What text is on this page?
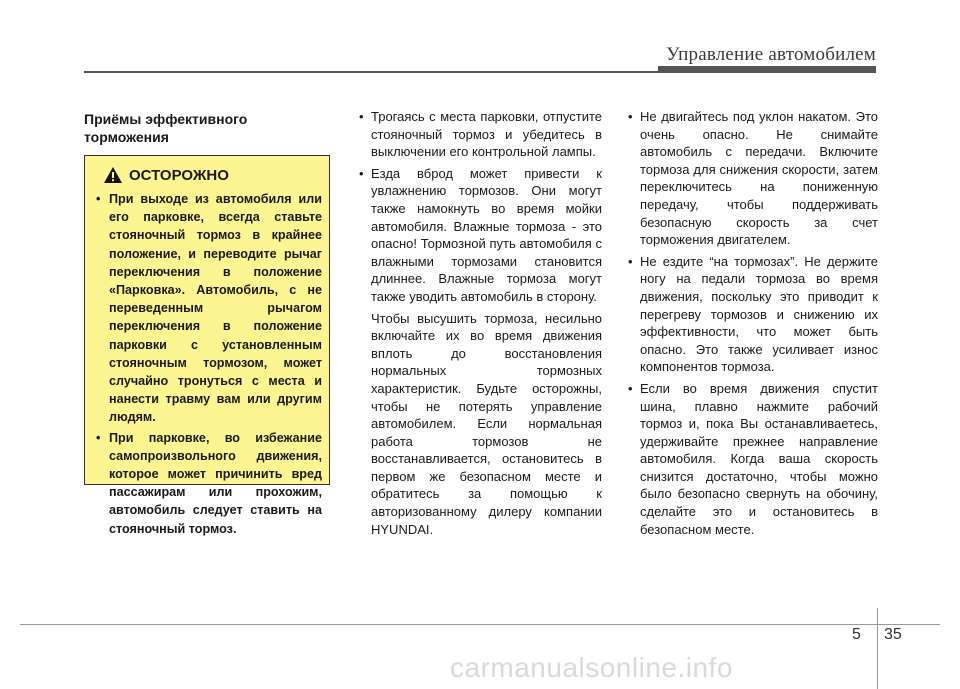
Управление автомобилем
Приёмы эффективного торможения
ОСТОРОЖНО
• При выходе из автомобиля или его парковке, всегда ставьте стояночный тормоз в крайнее положение, и переводите рычаг переключения в положение «Парковка». Автомобиль, с не переведенным рычагом переключения в положение парковки с установленным стояночным тормозом, может случайно тронуться с места и нанести травму вам или другим людям.
• При парковке, во избежание самопроизвольного движения, которое может причинить вред пассажирам или прохожим, автомобиль следует ставить на стояночный тормоз.
• Трогаясь с места парковки, отпустите стояночный тормоз и убедитесь в выключении его контрольной лампы.
• Езда вброд может привести к увлажнению тормозов. Они могут также намокнуть во время мойки автомобиля. Влажные тормоза - это опасно! Тормозной путь автомобиля с влажными тормозами становится длиннее. Влажные тормоза могут также уводить автомобиль в сторону.

Чтобы высушить тормоза, несильно включайте их во время движения вплоть до восстановления нормальных тормозных характеристик. Будьте осторожны, чтобы не потерять управление автомобилем. Если нормальная работа тормозов не восстанавливается, остановитесь в первом же безопасном месте и обратитесь за помощью к авторизованному дилеру компании HYUNDAI.

• Не двигайтесь под уклон накатом. Это очень опасно. Не снимайте автомобиль с передачи. Включите тормоза для снижения скорости, затем переключитесь на пониженную передачу, чтобы поддерживать безопасную скорость за счет торможения двигателем.
• Не ездите “на тормозах”. Не держите ногу на педали тормоза во время движения, поскольку это приводит к перегреву тормозов и снижению их эффективности, что может быть опасно. Это также усиливает износ компонентов тормоза.
• Если во время движения спустит шина, плавно нажмите рабочий тормоз и, пока Вы останавливаетесь, удерживайте прежнее направление автомобиля. Когда ваша скорость снизится достаточно, чтобы можно было безопасно свернуть на обочину, сделайте это и остановитесь в безопасном месте.
5 35
carmanualsonline.info
